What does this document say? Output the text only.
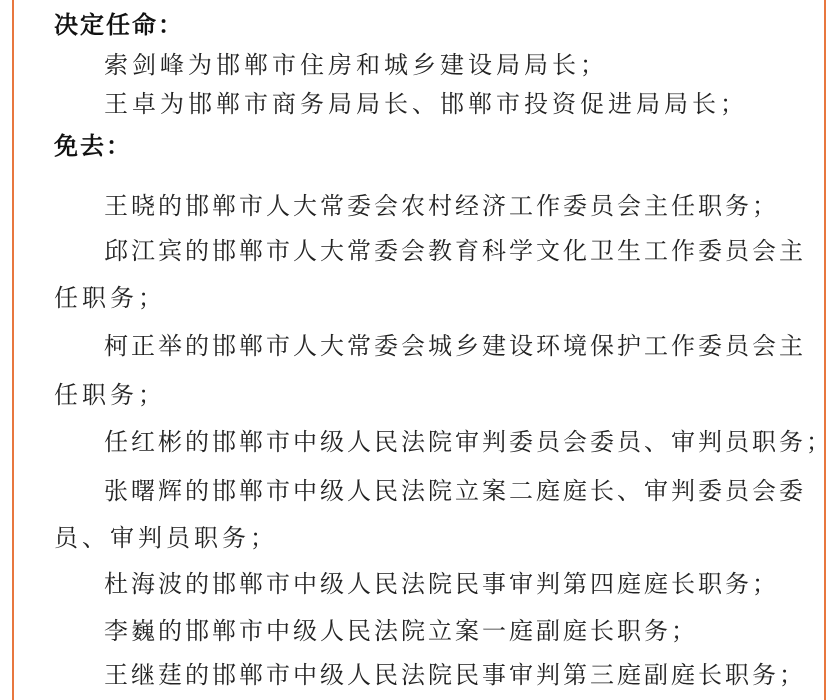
决定任命：
索剑峰为邯郸市住房和城乡建设局局长；
王卓为邯郸市商务局局长、邯郸市投资促进局局长；
免去：
王晓的邯郸市人大常委会农村经济工作委员会主任职务；
邱江宾的邯郸市人大常委会教育科学文化卫生工作委员会主
任职务；
柯正举的邯郸市人大常委会城乡建设环境保护工作委员会主
任职务；
任红彬的邯郸市中级人民法院审判委员会委员、审判员职务；
张曙辉的邯郸市中级人民法院立案二庭庭长、审判委员会委
员、审判员职务；
杜海波的邯郸市中级人民法院民事审判第四庭庭长职务；
李巍的邯郸市中级人民法院立案一庭副庭长职务；
王继莛的邯郸市中级人民法院民事审判第三庭副庭长职务；
